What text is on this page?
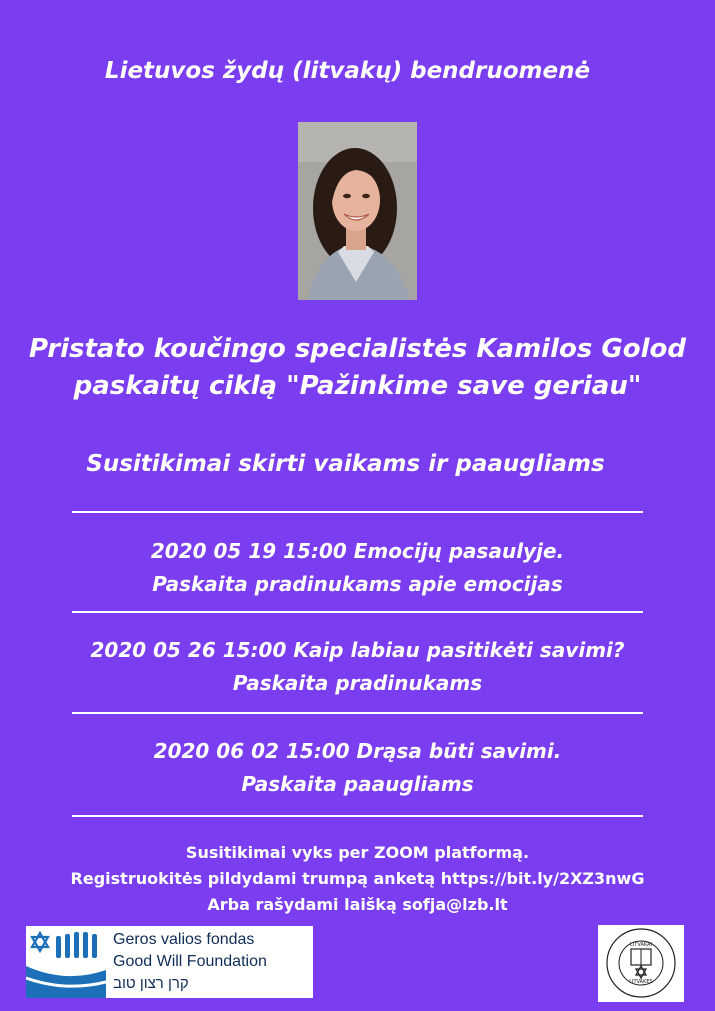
Lietuvos žydų (litvakų) bendruomenė
Pristato koučingo specialistės Kamilos Golod
paskaitų ciklą "Pažinkime save geriau"
Susitikimai skirti vaikams ir paaugliams
2020 05 19 15:00 Emocijų pasaulyje.
Paskaita pradinukams apie emocijas
2020 05 26 15:00 Kaip labiau pasitikėti savimi?
Paskaita pradinukams
2020 06 02 15:00 Drąsa būti savimi.
Paskaita paaugliams
Susitikimai vyks per ZOOM platformą.
Registruokitės pildydami trumpą anketą https://bit.ly/2XZ3nwG
Arba rašydami laišką sofja@lzb.lt
Geros valios fondas
Good Will Foundation
קרן רצון טוב
LITVAKAI
LITVAKES
